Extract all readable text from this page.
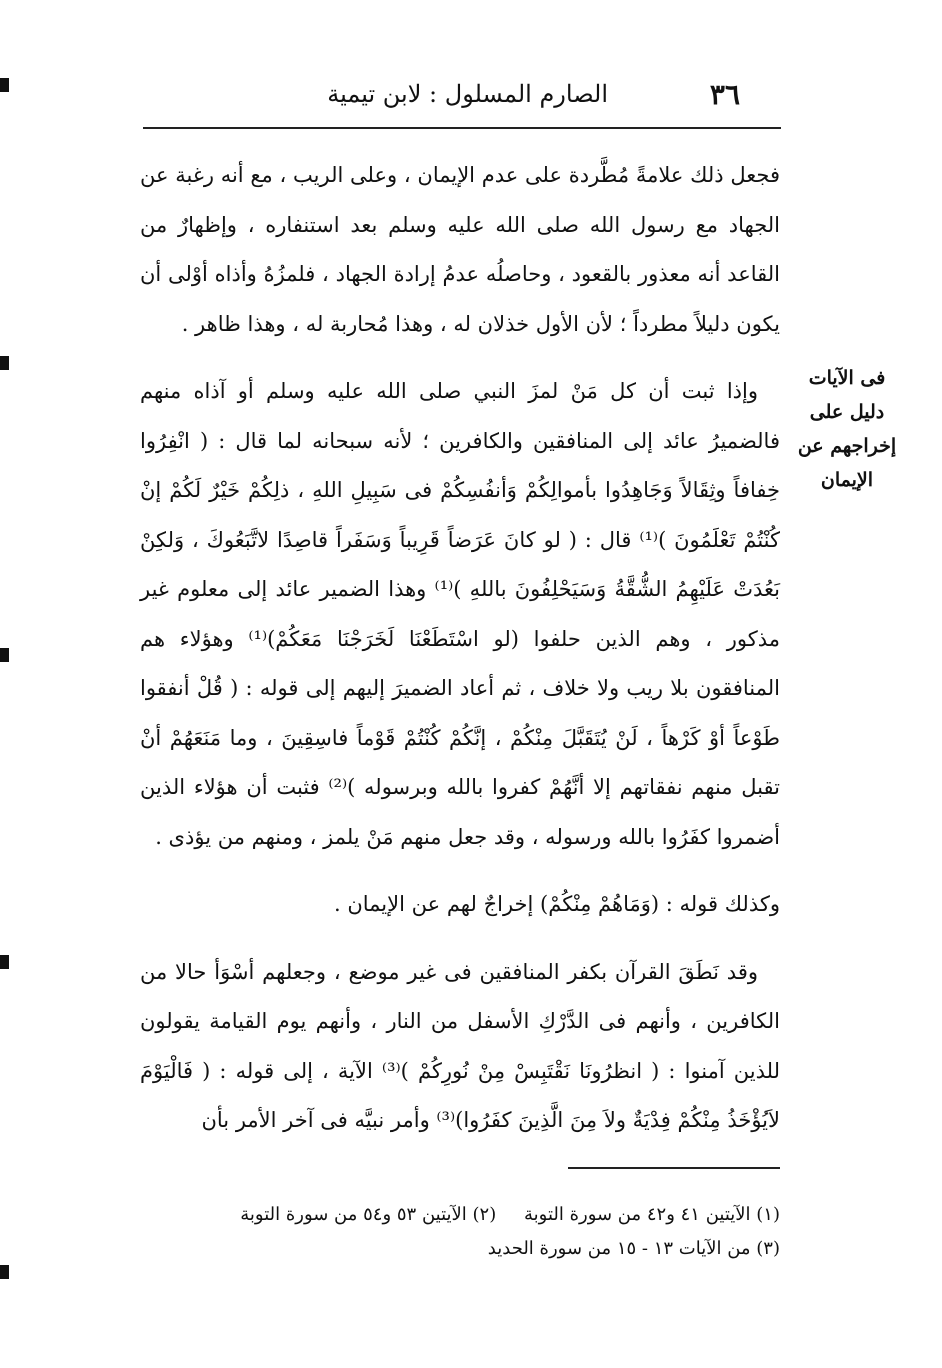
٣٦
الصارم المسلول : لابن تيمية
فى الآيات دليل على إخراجهم عن الإيمان

فجعل ذلك علامةً مُطَّردة على عدم الإيمان ، وعلى الريب ، مع أنه رغبة عن الجهاد مع رسول الله صلى الله عليه وسلم بعد استنفاره ، وإظهارٌ من القاعد أنه معذور بالقعود ، وحاصلُه عدمُ إرادة الجهاد ، فلمزُهُ وأذاه أوْلى أن يكون دليلاً مطرداً ؛ لأن الأول خذلان له ، وهذا مُحاربة له ، وهذا ظاهر .

وإذا ثبت أن كل مَنْ لمزَ النبي صلى الله عليه وسلم أو آذاه منهم فالضميرُ عائد إلى المنافقين والكافرين ؛ لأنه سبحانه لما قال : ( انْفِرُوا خِفافاً وثِقَالاً وَجَاهِدُوا بأموالِكُمْ وَأنفُسِكُمْ فى سَبِيلِ اللهِ ، ذلِكُمْ خَيْرٌ لَكُمْ إنْ كُنْتُمْ تَعْلَمُونَ )⁽¹⁾ قال : ( لو كانَ عَرَضاً قَرِيباً وَسَفَراً قاصِدًا لاتَّبَعُوكَ ، وَلكِنْ بَعُدَتْ عَلَيْهِمُ الشُّقَّةُ وَسَيَحْلِفُونَ باللهِ )⁽¹⁾ وهذا الضمير عائد إلى معلوم غير مذكور ، وهم الذين حلفوا (لو اسْتَطَعْنَا لَخَرَجْنَا مَعَكُمْ)⁽¹⁾ وهؤلاء هم المنافقون بلا ريب ولا خلاف ، ثم أعاد الضميرَ إليهم إلى قوله : ( قُلْ أنفقوا طَوْعاً أوْ كَرْهاً ، لَنْ يُتَقَبَّلَ مِنْكُمْ ، إنَّكُمْ كُنْتُمْ قَوْماً فاسِقِينَ ، وما مَنَعَهُمْ أنْ تقبل منهم نفقاتهم إلا أنَّهُمْ كفروا بالله وبرسوله )⁽²⁾ فثبت أن هؤلاء الذين أضمروا كفَرُوا بالله ورسوله ، وقد جعل منهم مَنْ يلمز ، ومنهم من يؤذى .

وكذلك قوله : (وَمَاهُمْ مِنْكُمْ) إخراجٌ لهم عن الإيمان .

وقد نَطَقَ القرآن بكفر المنافقين فى غير موضع ، وجعلهم أسْوَأ حالا من الكافرين ، وأنهم فى الدَّرْكِ الأسفل من النار ، وأنهم يوم القيامة يقولون للذين آمنوا : ( انظرُونَا نَقْتَبِسْ مِنْ نُورِكُمْ )⁽³⁾ الآية ، إلى قوله : ( فَالْيَوْمَ لاَيُؤْخَذُ مِنْكُمْ فِدْيَةٌ ولاَ مِنَ الَّذِينَ كفَرُوا)⁽³⁾ وأمر نبيَّه فى آخر الأمر بأن

(١) الآيتين ٤١ و٤٢ من سورة التوبة (٢) الآيتين ٥٣ و٥٤ من سورة التوبة
(٣) من الآيات ١٣ - ١٥ من سورة الحديد
